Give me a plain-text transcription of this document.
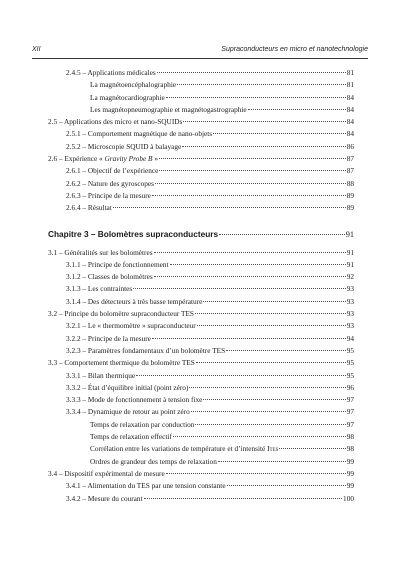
XII	Supraconducteurs en micro et nanotechnologie
2.4.5 – Applications médicales	81
La magnétoencéphalographie	81
La magnétocardiographie	84
Les magnétopneumographie et magnétogastrographie	84
2.5 – Applications des micro et nano-SQUIDs	84
2.5.1 – Comportement magnétique de nano-objets	84
2.5.2 – Microscopie SQUID à balayage	86
2.6 – Expérience « Gravity Probe B »	87
2.6.1 – Objectif de l’expérience	87
2.6.2 – Nature des gyroscopes	88
2.6.3 – Principe de la mesure	89
2.6.4 – Résultat	89
Chapitre 3 – Bolomètres supraconducteurs	91
3.1 – Généralités sur les bolomètres	91
3.1.1 – Principe de fonctionnement	91
3.1.2 – Classes de bolomètres	92
3.1.3 – Les contraintes	93
3.1.4 – Des détecteurs à très basse température	93
3.2 – Principe du bolomètre supraconducteur TES	93
3.2.1 – Le « thermomètre » supraconducteur	93
3.2.2 – Principe de la mesure	94
3.2.3 – Paramètres fondamentaux d’un bolomètre TES	95
3.3 – Comportement thermique du bolomètre TES	95
3.3.1 – Bilan thermique	95
3.3.2 – État d’équilibre initial (point zéro)	96
3.3.3 – Mode de fonctionnement à tension fixe	97
3.3.4 – Dynamique de retour au point zéro	97
Temps de relaxation par conduction	97
Temps de relaxation effectif	98
Corrélation entre les variations de température et d’intensité $I_{TES}$	98
Ordres de grandeur des temps de relaxation	99
3.4 – Dispositif expérimental de mesure	99
3.4.1 – Alimentation du TES par une tension constante	99
3.4.2 – Mesure du courant	100
